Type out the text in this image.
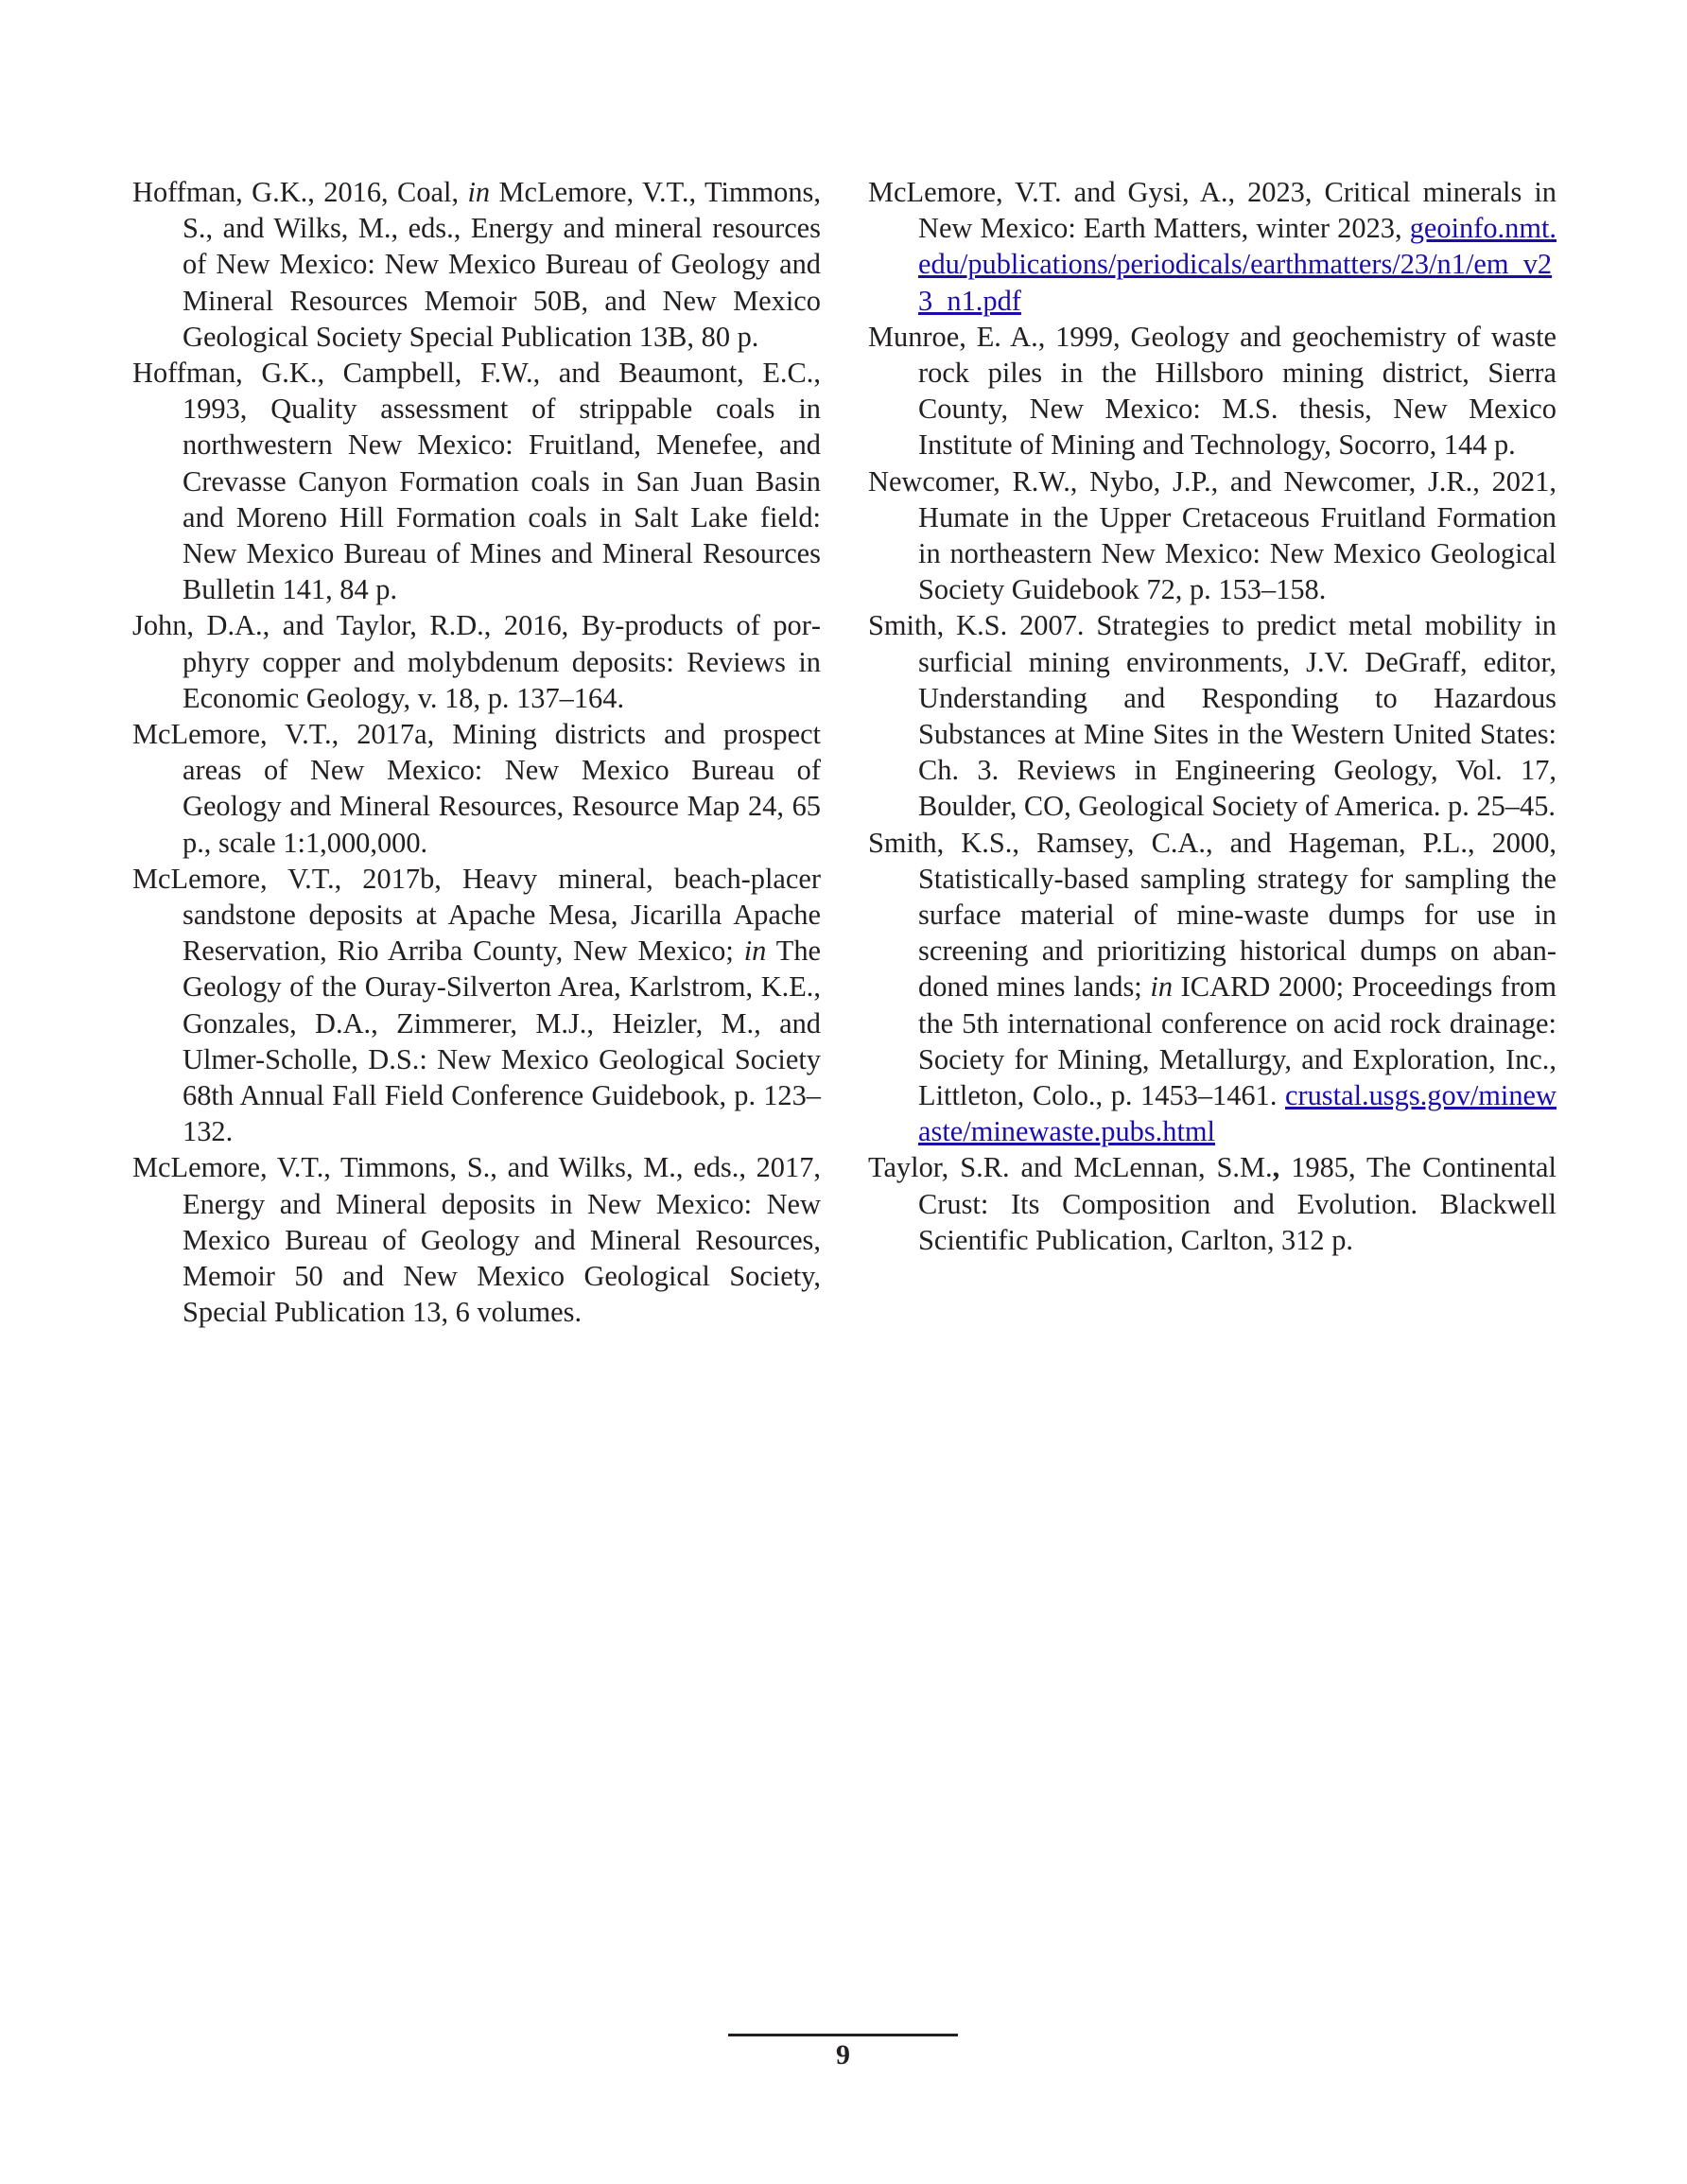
Hoffman, G.K., 2016, Coal, in McLemore, V.T., Timmons, S., and Wilks, M., eds., Energy and mineral resources of New Mexico: New Mexico Bureau of Geology and Mineral Resources Memoir 50B, and New Mexico Geological Society Special Publication 13B, 80 p.

Hoffman, G.K., Campbell, F.W., and Beaumont, E.C., 1993, Quality assessment of strippable coals in northwestern New Mexico: Fruitland, Menefee, and Crevasse Canyon Formation coals in San Juan Basin and Moreno Hill Formation coals in Salt Lake field: New Mexico Bureau of Mines and Mineral Resources Bulletin 141, 84 p.

John, D.A., and Taylor, R.D., 2016, By-products of porphyry copper and molybdenum deposits: Reviews in Economic Geology, v. 18, p. 137–164.

McLemore, V.T., 2017a, Mining districts and prospect areas of New Mexico: New Mexico Bureau of Geology and Mineral Resources, Resource Map 24, 65 p., scale 1:1,000,000.

McLemore, V.T., 2017b, Heavy mineral, beach-placer sandstone deposits at Apache Mesa, Jicarilla Apache Reservation, Rio Arriba County, New Mexico; in The Geology of the Ouray-Silverton Area, Karlstrom, K.E., Gonzales, D.A., Zimmerer, M.J., Heizler, M., and Ulmer-Scholle, D.S.: New Mexico Geological Society 68th Annual Fall Field Conference Guidebook, p. 123–132.

McLemore, V.T., Timmons, S., and Wilks, M., eds., 2017, Energy and Mineral deposits in New Mexico: New Mexico Bureau of Geology and Mineral Resources, Memoir 50 and New Mexico Geological Society, Special Publication 13, 6 volumes.

McLemore, V.T. and Gysi, A., 2023, Critical minerals in New Mexico: Earth Matters, winter 2023, geoinfo.nmt.edu/publications/periodicals/earthmatters/23/n1/em_v23_n1.pdf

Munroe, E. A., 1999, Geology and geochemistry of waste rock piles in the Hillsboro mining district, Sierra County, New Mexico: M.S. thesis, New Mexico Institute of Mining and Technology, Socorro, 144 p.

Newcomer, R.W., Nybo, J.P., and Newcomer, J.R., 2021, Humate in the Upper Cretaceous Fruitland Formation in northeastern New Mexico: New Mexico Geological Society Guidebook 72, p. 153–158.

Smith, K.S. 2007. Strategies to predict metal mobility in surficial mining environments, J.V. DeGraff, editor, Understanding and Responding to Hazardous Substances at Mine Sites in the Western United States: Ch. 3. Reviews in Engineering Geology, Vol. 17, Boulder, CO, Geological Society of America. p. 25–45.

Smith, K.S., Ramsey, C.A., and Hageman, P.L., 2000, Statistically-based sampling strategy for sampling the surface material of mine-waste dumps for use in screening and prioritizing historical dumps on abandoned mines lands; in ICARD 2000; Proceedings from the 5th international conference on acid rock drainage: Society for Mining, Metallurgy, and Exploration, Inc., Littleton, Colo., p. 1453–1461. crustal.usgs.gov/minewaste/minewaste.pubs.html

Taylor, S.R. and McLennan, S.M., 1985, The Continental Crust: Its Composition and Evolution. Blackwell Scientific Publication, Carlton, 312 p.

9
